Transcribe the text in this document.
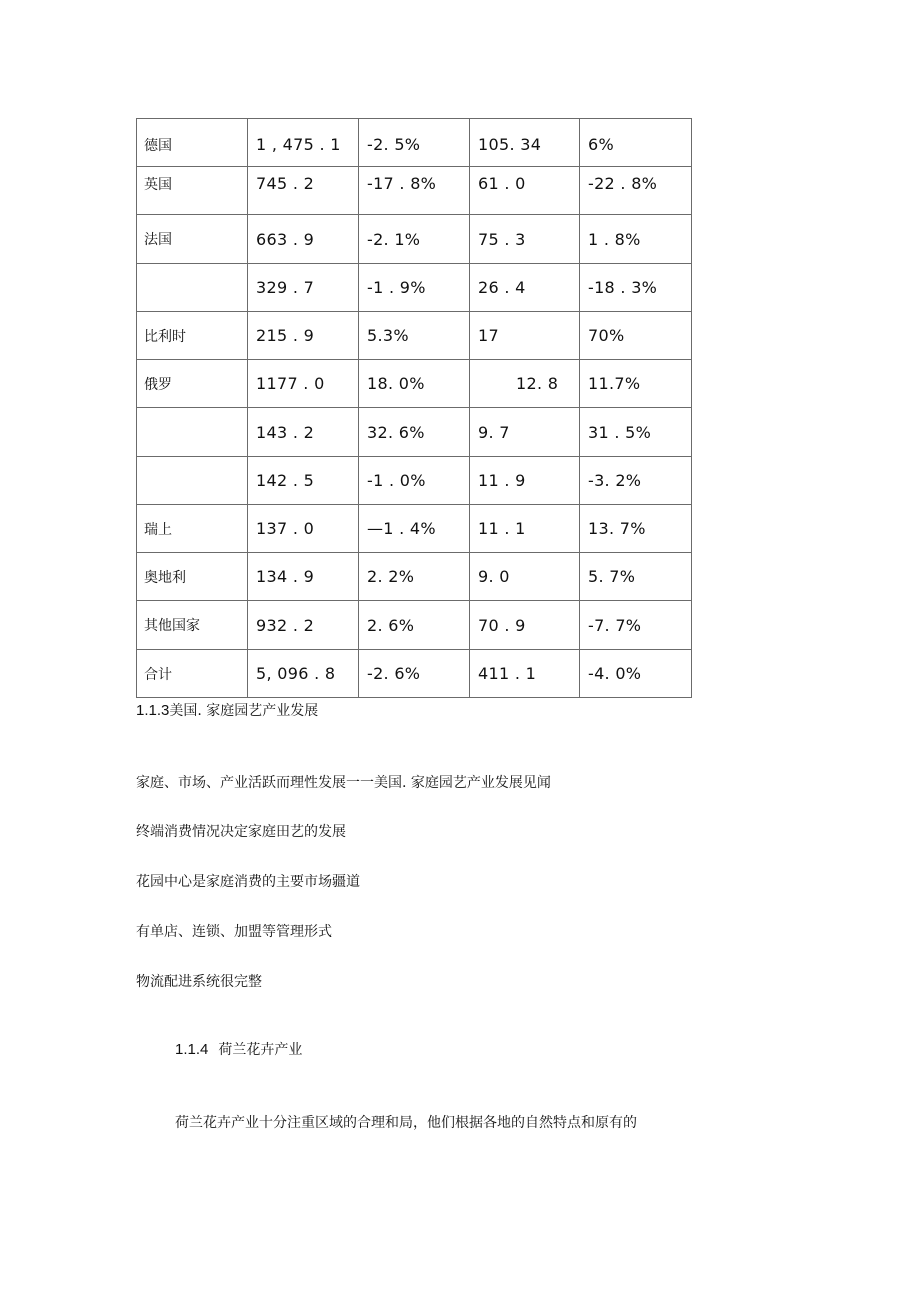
德国	1 , 475 . 1	-2. 5%	105. 34	6%
英国	745 . 2	-17 . 8%	61 . 0	-22 . 8%
法国	663 . 9	-2. 1%	75 . 3	1 . 8%
	329 . 7	-1 . 9%	26 . 4	-18 . 3%
比利时	215 . 9	5.3%	17	70%
俄罗	1177 . 0	18. 0%	12. 8	11.7%
	143 . 2	32. 6%	9. 7	31 . 5%
	142 . 5	-1 . 0%	11 . 9	-3. 2%
瑞上	137 . 0	—1 . 4%	11 . 1	13. 7%
奥地利	134 . 9	2. 2%	9. 0	5. 7%
其他国家	932 . 2	2. 6%	70 . 9	-7. 7%
合计	5, 096 . 8	-2. 6%	411 . 1	-4. 0%
1.1.3美国. 家庭园艺产业发展
家庭、市场、产业活跃而理性发展一一美国. 家庭园艺产业发展见闻
终端消费情况决定家庭田艺的发展
花园中心是家庭消费的主要市场疆道
有单店、连锁、加盟等管理形式
物流配进系统很完整
1.1.4 荷兰花卉产业
荷兰花卉产业十分注重区域的合理和局，他们根据各地的自然特点和原有的
